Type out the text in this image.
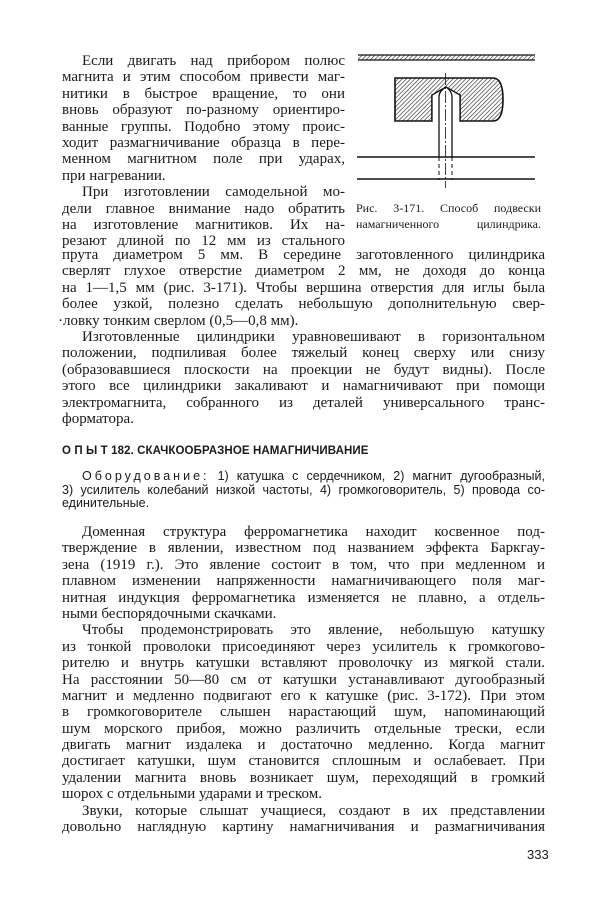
Если двигать над прибором полюс
магнита и этим способом привести маг-
нитики в быстрое вращение, то они
вновь образуют по-разному ориентиро-
ванные группы. Подобно этому проис-
ходит размагничивание образца в пере-
менном магнитном поле при ударах,
при нагревании.
При изготовлении самодельной мо-
дели главное внимание надо обратить
на изготовление магнитиков. Их на-
резают длиной по 12 мм из стального
Рис. 3-171. Способ подвески
намагниченного цилиндрика.
прута диаметром 5 мм. В середине заготовленного цилиндрика
сверлят глухое отверстие диаметром 2 мм, не доходя до конца
на 1—1,5 мм (рис. 3-171). Чтобы вершина отверстия для иглы была
более узкой, полезно сделать небольшую дополнительную свер-
·ловку тонким сверлом (0,5—0,8 мм).
Изготовленные цилиндрики уравновешивают в горизонтальном
положении, подпиливая более тяжелый конец сверху или снизу
(образовавшиеся плоскости на проекции не будут видны). После
этого все цилиндрики закаливают и намагничивают при помощи
электромагнита, собранного из деталей универсального транс-
форматора.
О П Ы Т 182. СКАЧКООБРАЗНОЕ НАМАГНИЧИВАНИЕ
Оборудование: 1) катушка с сердечником, 2) магнит дугообразный,
3) усилитель колебаний низкой частоты, 4) громкоговоритель, 5) провода со-
единительные.
Доменная структура ферромагнетика находит косвенное под-
тверждение в явлении, известном под названием эффекта Баркгау-
зена (1919 г.). Это явление состоит в том, что при медленном и
плавном изменении напряженности намагничивающего поля маг-
нитная индукция ферромагнетика изменяется не плавно, а отдель-
ными беспорядочными скачками.
Чтобы продемонстрировать это явление, небольшую катушку
из тонкой проволоки присоединяют через усилитель к громкогово-
рителю и внутрь катушки вставляют проволочку из мягкой стали.
На расстоянии 50—80 см от катушки устанавливают дугообразный
магнит и медленно подвигают его к катушке (рис. 3-172). При этом
в громкоговорителе слышен нарастающий шум, напоминающий
шум морского прибоя, можно различить отдельные трески, если
двигать магнит издалека и достаточно медленно. Когда магнит
достигает катушки, шум становится сплошным и ослабевает. При
удалении магнита вновь возникает шум, переходящий в громкий
шорох с отдельными ударами и треском.
Звуки, которые слышат учащиеся, создают в их представлении
довольно наглядную картину намагничивания и размагничивания
333
